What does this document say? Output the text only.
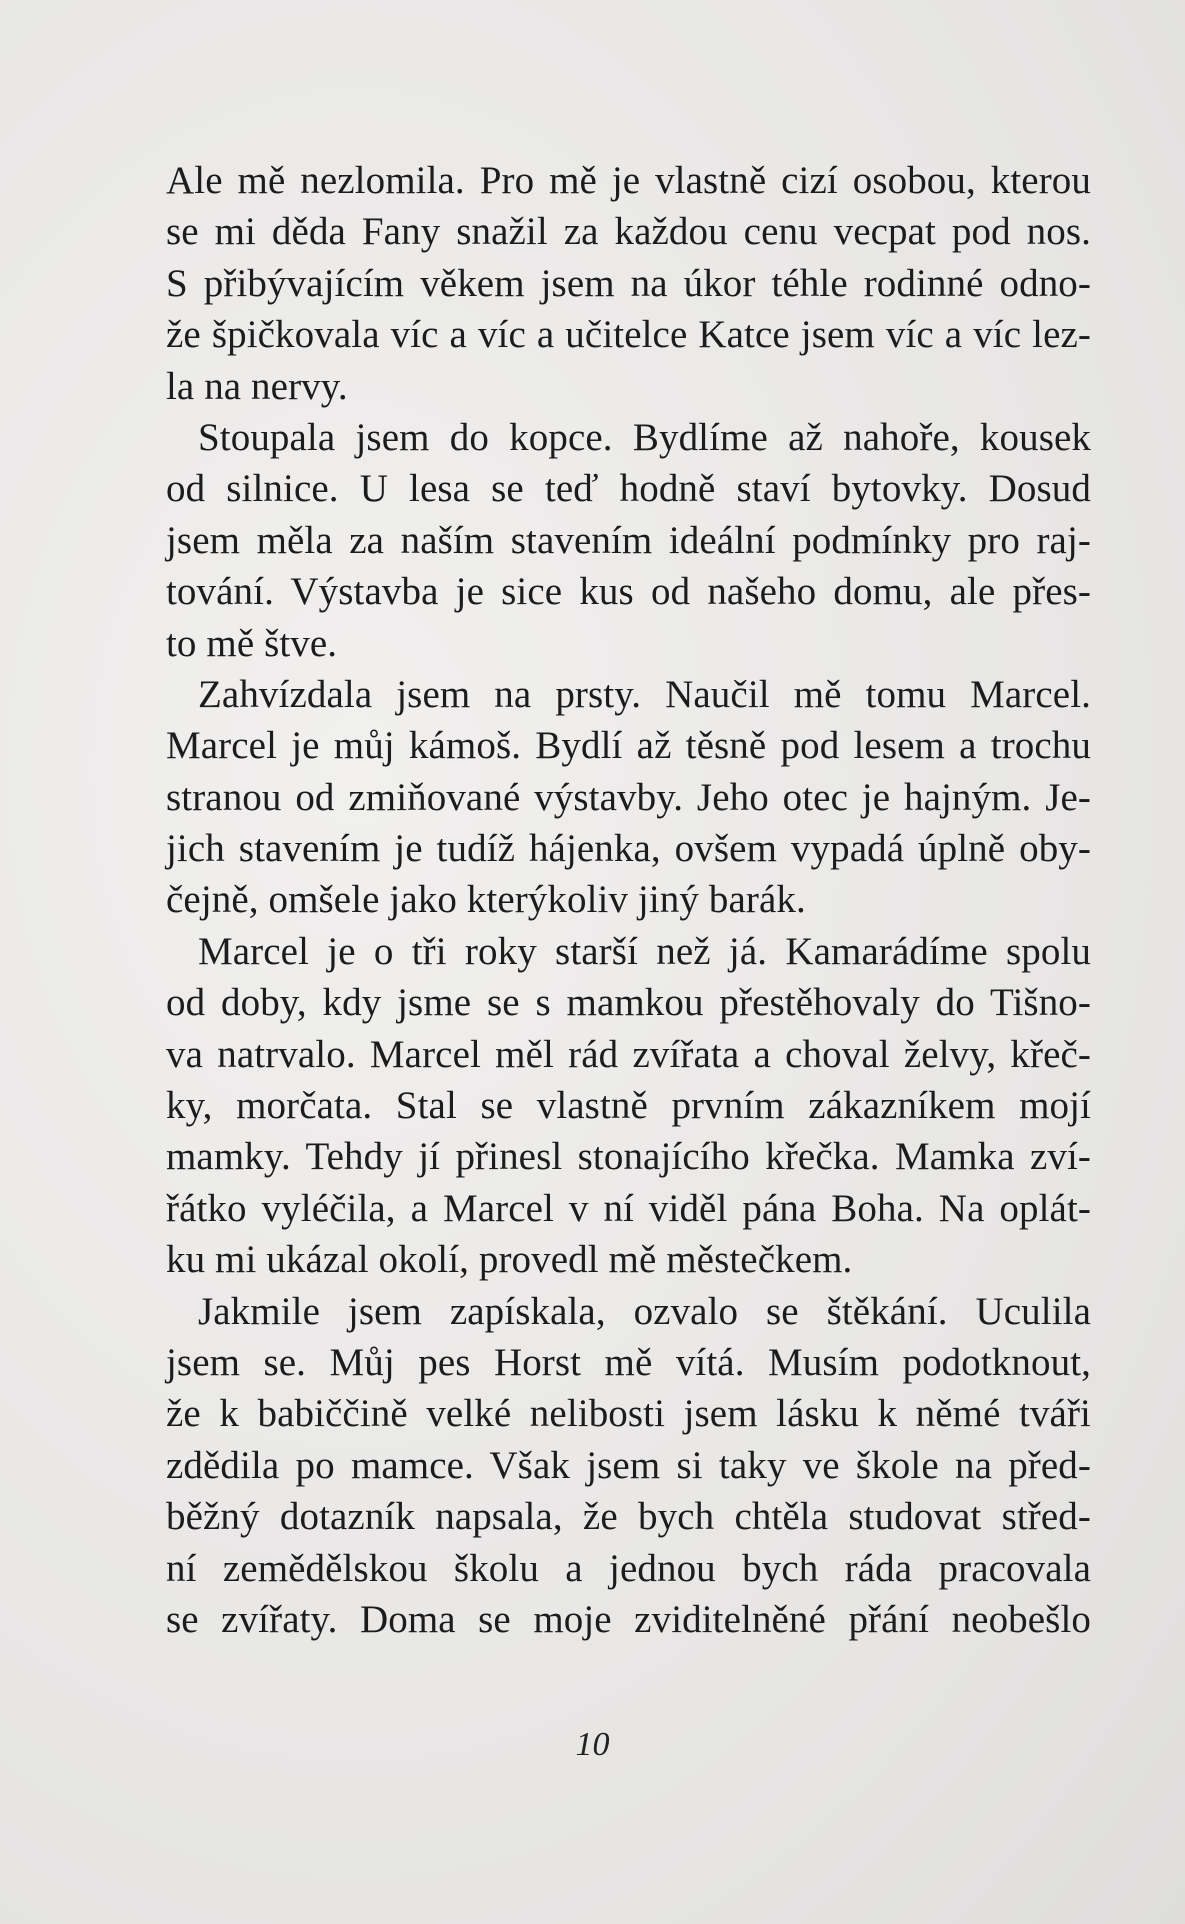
Ale mě nezlomila. Pro mě je vlastně cizí osobou, kterou
se mi děda Fany snažil za každou cenu vecpat pod nos.
S přibývajícím věkem jsem na úkor téhle rodinné odno-
že špičkovala víc a víc a učitelce Katce jsem víc a víc lez-
la na nervy.
Stoupala jsem do kopce. Bydlíme až nahoře, kousek
od silnice. U lesa se teď hodně staví bytovky. Dosud
jsem měla za naším stavením ideální podmínky pro raj-
tování. Výstavba je sice kus od našeho domu, ale přes-
to mě štve.
Zahvízdala jsem na prsty. Naučil mě tomu Marcel.
Marcel je můj kámoš. Bydlí až těsně pod lesem a trochu
stranou od zmiňované výstavby. Jeho otec je hajným. Je-
jich stavením je tudíž hájenka, ovšem vypadá úplně oby-
čejně, omšele jako kterýkoliv jiný barák.
Marcel je o tři roky starší než já. Kamarádíme spolu
od doby, kdy jsme se s mamkou přestěhovaly do Tišno-
va natrvalo. Marcel měl rád zvířata a choval želvy, křeč-
ky, morčata. Stal se vlastně prvním zákazníkem mojí
mamky. Tehdy jí přinesl stonajícího křečka. Mamka zví-
řátko vyléčila, a Marcel v ní viděl pána Boha. Na oplát-
ku mi ukázal okolí, provedl mě městečkem.
Jakmile jsem zapískala, ozvalo se štěkání. Uculila
jsem se. Můj pes Horst mě vítá. Musím podotknout,
že k babiččině velké nelibosti jsem lásku k němé tváři
zdědila po mamce. Však jsem si taky ve škole na před-
běžný dotazník napsala, že bych chtěla studovat střed-
ní zemědělskou školu a jednou bych ráda pracovala
se zvířaty. Doma se moje zviditelněné přání neobešlo
10
